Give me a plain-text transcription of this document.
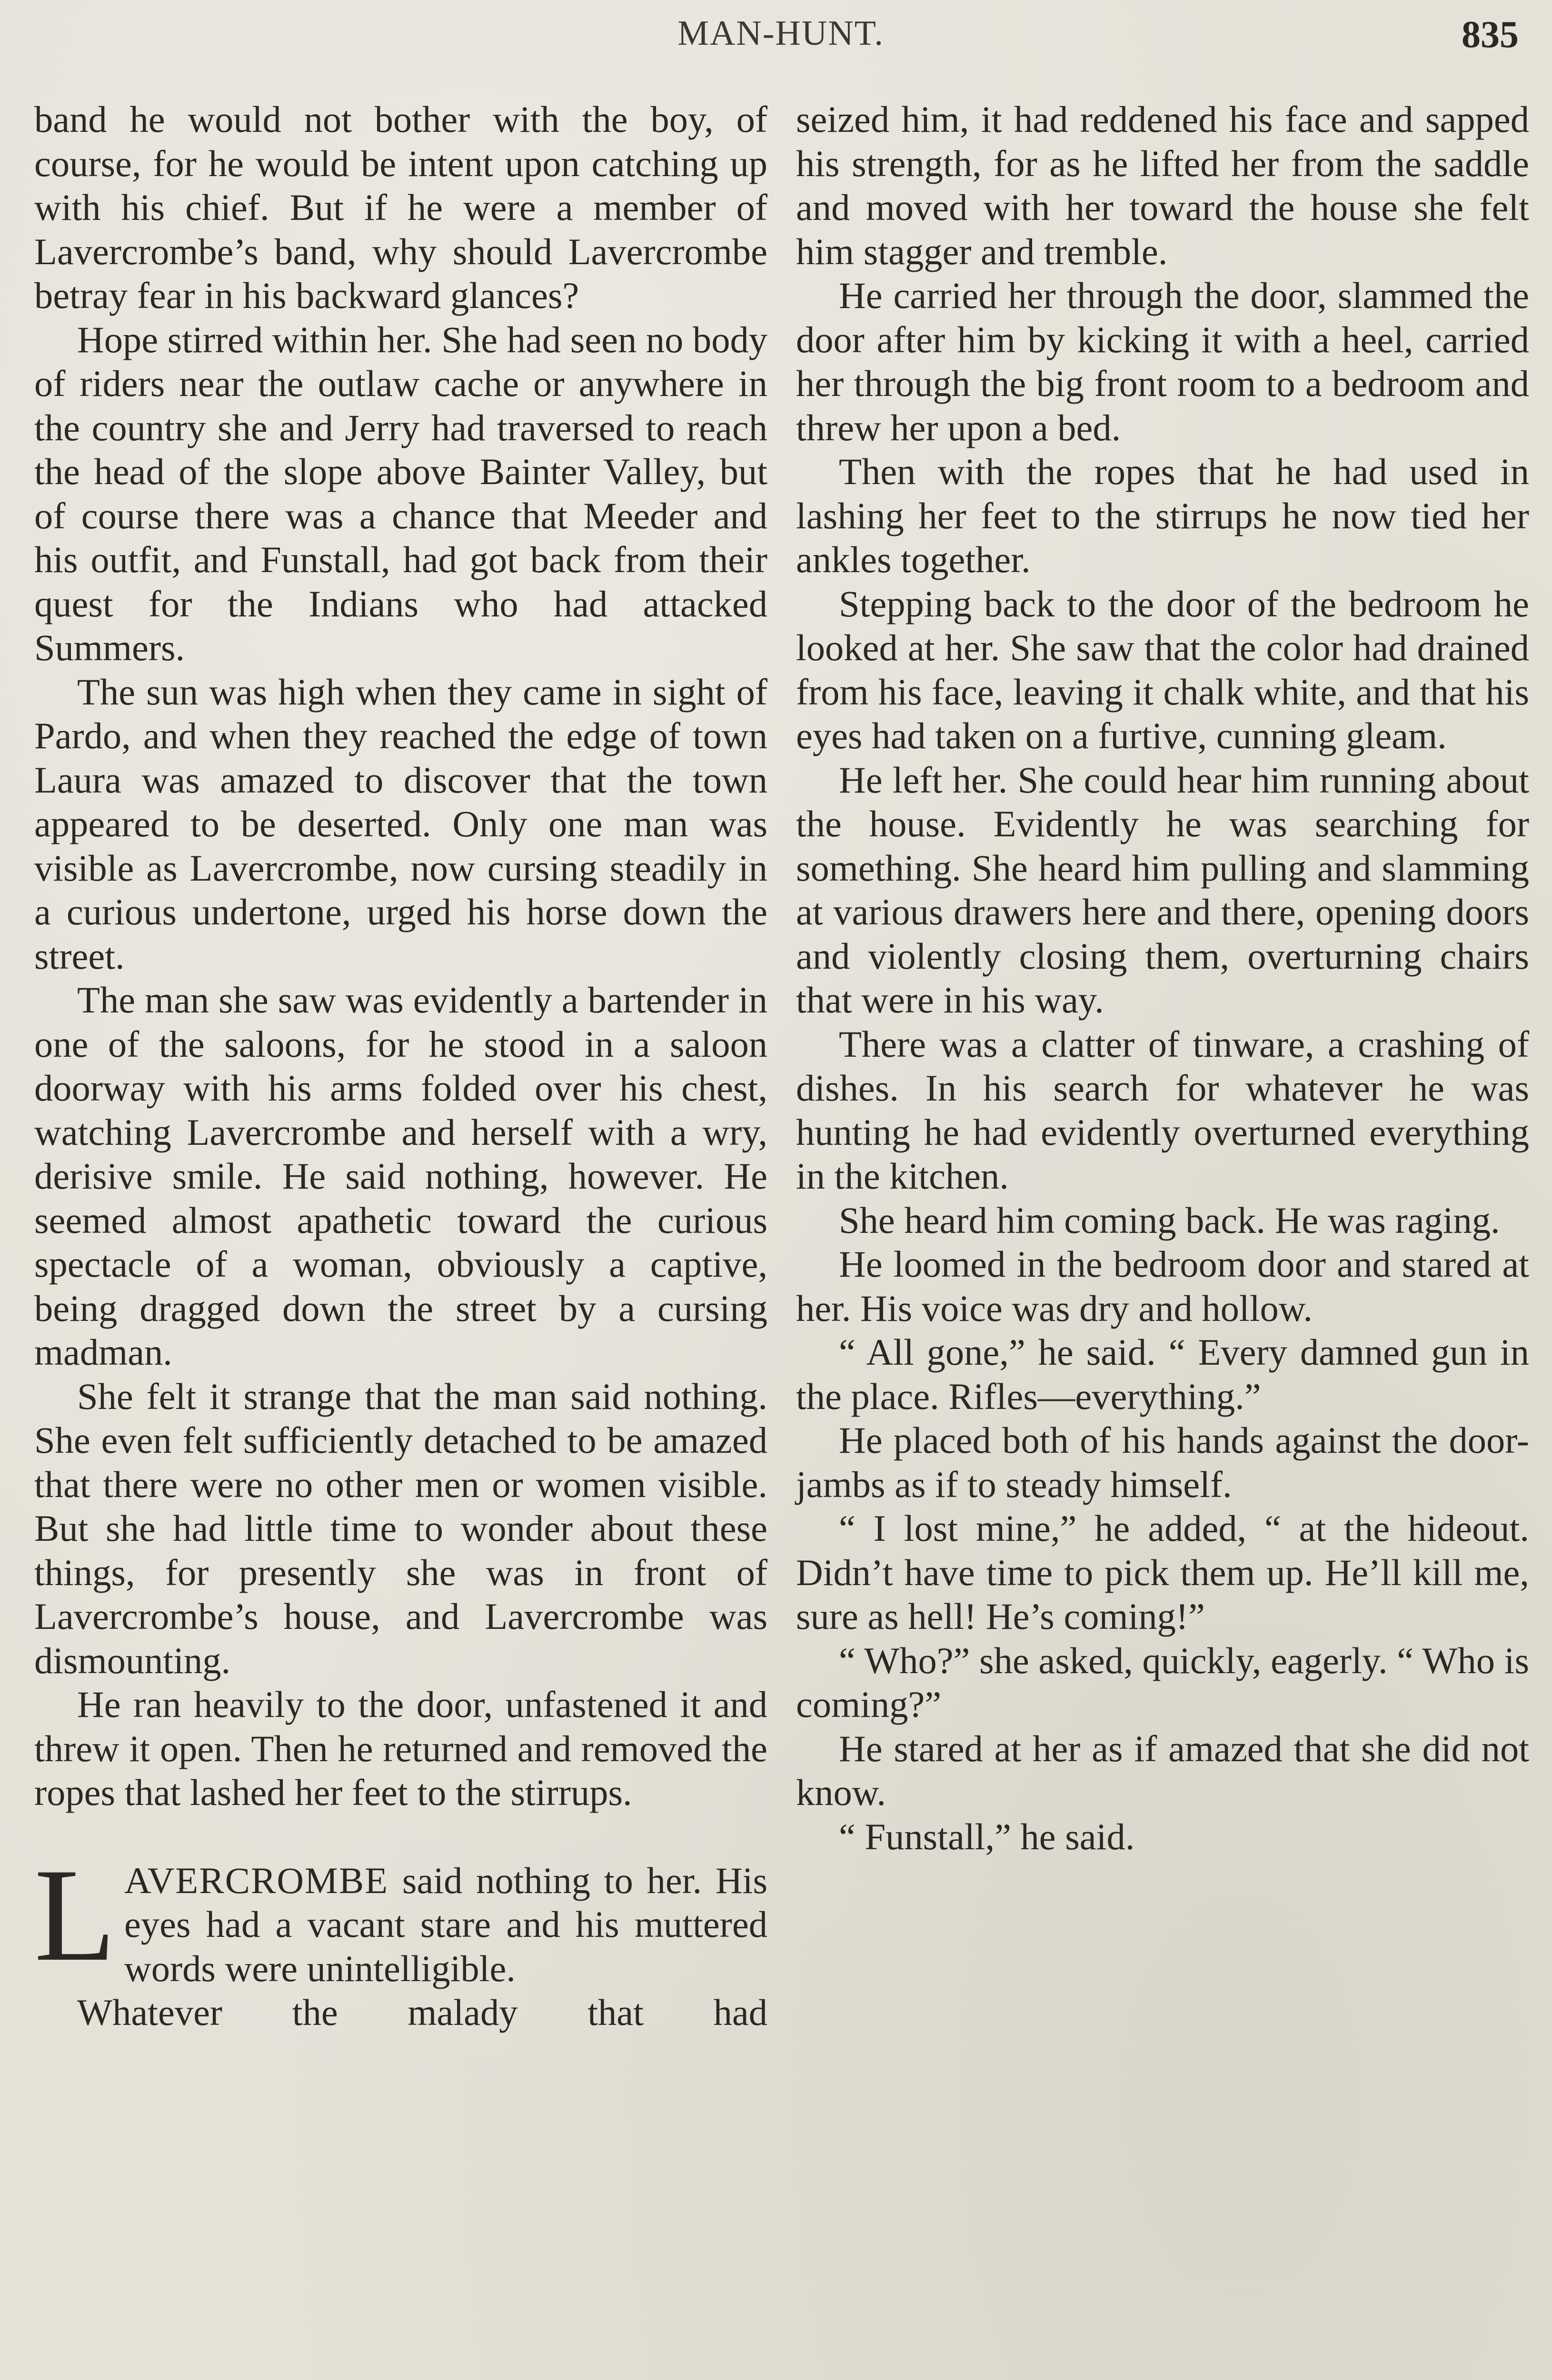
MAN-HUNT.	835

band he would not bother with the boy, of course, for he would be intent upon catching up with his chief. But if he were a member of Lavercrombe’s band, why should Lavercrombe betray fear in his backward glances?

Hope stirred within her. She had seen no body of riders near the outlaw cache or anywhere in the country she and Jerry had traversed to reach the head of the slope above Bainter Valley, but of course there was a chance that Meeder and his outfit, and Funstall, had got back from their quest for the Indians who had attacked Summers.

The sun was high when they came in sight of Pardo, and when they reached the edge of town Laura was amazed to discover that the town appeared to be deserted. Only one man was visible as Lavercrombe, now cursing steadily in a curious undertone, urged his horse down the street.

The man she saw was evidently a bartender in one of the saloons, for he stood in a saloon doorway with his arms folded over his chest, watching Lavercrombe and herself with a wry, derisive smile. He said nothing, however. He seemed almost apathetic toward the curious spectacle of a woman, obviously a captive, being dragged down the street by a cursing madman.

She felt it strange that the man said nothing. She even felt sufficiently detached to be amazed that there were no other men or women visible. But she had little time to wonder about these things, for presently she was in front of Lavercrombe’s house, and Lavercrombe was dismounting.

He ran heavily to the door, unfastened it and threw it open. Then he returned and removed the ropes that lashed her feet to the stirrups.

LAVERCROMBE said nothing to her. His eyes had a vacant stare and his muttered words were unintelligible.

Whatever the malady that had

seized him, it had reddened his face and sapped his strength, for as he lifted her from the saddle and moved with her toward the house she felt him stagger and tremble.

He carried her through the door, slammed the door after him by kicking it with a heel, carried her through the big front room to a bedroom and threw her upon a bed.

Then with the ropes that he had used in lashing her feet to the stirrups he now tied her ankles together.

Stepping back to the door of the bedroom he looked at her. She saw that the color had drained from his face, leaving it chalk white, and that his eyes had taken on a furtive, cunning gleam.

He left her. She could hear him running about the house. Evidently he was searching for something. She heard him pulling and slamming at various drawers here and there, opening doors and violently closing them, overturning chairs that were in his way.

There was a clatter of tinware, a crashing of dishes. In his search for whatever he was hunting he had evidently overturned everything in the kitchen.

She heard him coming back. He was raging.

He loomed in the bedroom door and stared at her. His voice was dry and hollow.

“ All gone,” he said. “ Every damned gun in the place. Rifles—everything.”

He placed both of his hands against the door-jambs as if to steady himself.

“ I lost mine,” he added, “ at the hideout. Didn’t have time to pick them up. He’ll kill me, sure as hell! He’s coming!”

“ Who?” she asked, quickly, eagerly. “ Who is coming?”

He stared at her as if amazed that she did not know.

“ Funstall,” he said.
